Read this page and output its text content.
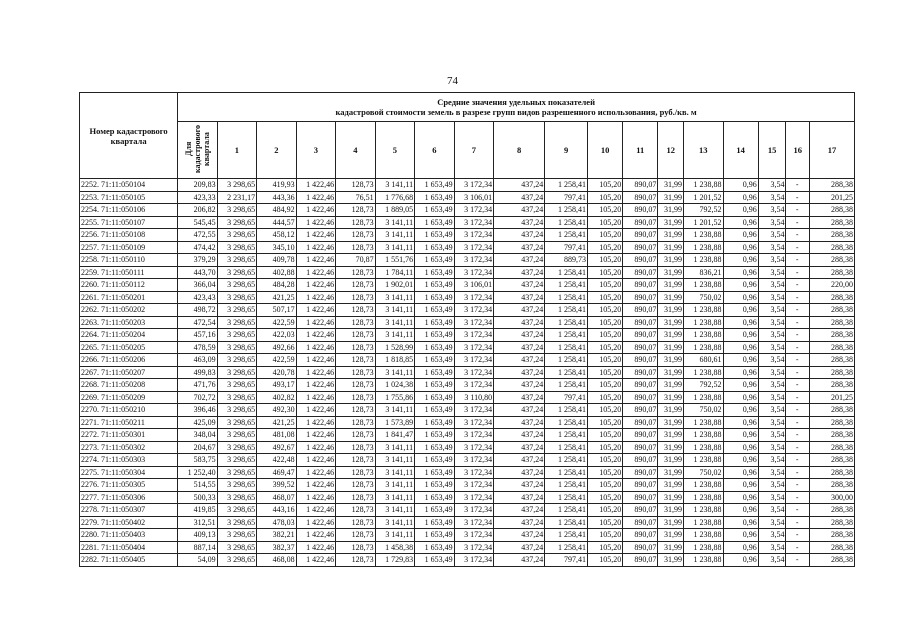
74
Номер кадастрового квартала	Средние значения удельных показателей
кадастровой стоимости земель в разрезе групп видов разрешенного использования, руб./кв. м																	

	Для кадастрового квартала	1	2	3	4	5	6	7	8	9	10	11	12	13	14	15	16	17
2252. 71:11:050104	209,83	3 298,65	419,93	1 422,46	128,73	3 141,11	1 653,49	3 172,34	437,24	1 258,41	105,20	890,07	31,99	1 238,88	0,96	3,54	-	288,38
2253. 71:11:050105	423,33	2 231,17	443,36	1 422,46	76,51	1 776,68	1 653,49	3 106,01	437,24	797,41	105,20	890,07	31,99	1 201,52	0,96	3,54	-	201,25
2254. 71:11:050106	206,82	3 298,65	484,92	1 422,46	128,73	1 889,05	1 653,49	3 172,34	437,24	1 258,41	105,20	890,07	31,99	792,52	0,96	3,54	-	288,38
2255. 71:11:050107	545,45	3 298,65	444,57	1 422,46	128,73	3 141,11	1 653,49	3 172,34	437,24	1 258,41	105,20	890,07	31,99	1 201,52	0,96	3,54	-	288,38
2256. 71:11:050108	472,55	3 298,65	458,12	1 422,46	128,73	3 141,11	1 653,49	3 172,34	437,24	1 258,41	105,20	890,07	31,99	1 238,88	0,96	3,54	-	288,38
2257. 71:11:050109	474,42	3 298,65	345,10	1 422,46	128,73	3 141,11	1 653,49	3 172,34	437,24	797,41	105,20	890,07	31,99	1 238,88	0,96	3,54	-	288,38
2258. 71:11:050110	379,29	3 298,65	409,78	1 422,46	70,87	1 551,76	1 653,49	3 172,34	437,24	889,73	105,20	890,07	31,99	1 238,88	0,96	3,54	-	288,38
2259. 71:11:050111	443,70	3 298,65	402,88	1 422,46	128,73	1 784,11	1 653,49	3 172,34	437,24	1 258,41	105,20	890,07	31,99	836,21	0,96	3,54	-	288,38
2260. 71:11:050112	366,04	3 298,65	484,28	1 422,46	128,73	1 902,01	1 653,49	3 106,01	437,24	1 258,41	105,20	890,07	31,99	1 238,88	0,96	3,54	-	220,00
2261. 71:11:050201	423,43	3 298,65	421,25	1 422,46	128,73	3 141,11	1 653,49	3 172,34	437,24	1 258,41	105,20	890,07	31,99	750,02	0,96	3,54	-	288,38
2262. 71:11:050202	498,72	3 298,65	507,17	1 422,46	128,73	3 141,11	1 653,49	3 172,34	437,24	1 258,41	105,20	890,07	31,99	1 238,88	0,96	3,54	-	288,38
2263. 71:11:050203	472,54	3 298,65	422,59	1 422,46	128,73	3 141,11	1 653,49	3 172,34	437,24	1 258,41	105,20	890,07	31,99	1 238,88	0,96	3,54	-	288,38
2264. 71:11:050204	457,16	3 298,65	422,03	1 422,46	128,73	3 141,11	1 653,49	3 172,34	437,24	1 258,41	105,20	890,07	31,99	1 238,88	0,96	3,54	-	288,38
2265. 71:11:050205	478,59	3 298,65	492,66	1 422,46	128,73	1 528,99	1 653,49	3 172,34	437,24	1 258,41	105,20	890,07	31,99	1 238,88	0,96	3,54	-	288,38
2266. 71:11:050206	463,09	3 298,65	422,59	1 422,46	128,73	1 818,85	1 653,49	3 172,34	437,24	1 258,41	105,20	890,07	31,99	680,61	0,96	3,54	-	288,38
2267. 71:11:050207	499,83	3 298,65	420,78	1 422,46	128,73	3 141,11	1 653,49	3 172,34	437,24	1 258,41	105,20	890,07	31,99	1 238,88	0,96	3,54	-	288,38
2268. 71:11:050208	471,76	3 298,65	493,17	1 422,46	128,73	1 024,38	1 653,49	3 172,34	437,24	1 258,41	105,20	890,07	31,99	792,52	0,96	3,54	-	288,38
2269. 71:11:050209	702,72	3 298,65	402,82	1 422,46	128,73	1 755,86	1 653,49	3 110,80	437,24	797,41	105,20	890,07	31,99	1 238,88	0,96	3,54	-	201,25
2270. 71:11:050210	396,46	3 298,65	492,30	1 422,46	128,73	3 141,11	1 653,49	3 172,34	437,24	1 258,41	105,20	890,07	31,99	750,02	0,96	3,54	-	288,38
2271. 71:11:050211	425,09	3 298,65	421,25	1 422,46	128,73	1 573,89	1 653,49	3 172,34	437,24	1 258,41	105,20	890,07	31,99	1 238,88	0,96	3,54	-	288,38
2272. 71:11:050301	348,04	3 298,65	481,08	1 422,46	128,73	1 841,47	1 653,49	3 172,34	437,24	1 258,41	105,20	890,07	31,99	1 238,88	0,96	3,54	-	288,38
2273. 71:11:050302	204,67	3 298,65	492,67	1 422,46	128,73	3 141,11	1 653,49	3 172,34	437,24	1 258,41	105,20	890,07	31,99	1 238,88	0,96	3,54	-	288,38
2274. 71:11:050303	583,75	3 298,65	422,48	1 422,46	128,73	3 141,11	1 653,49	3 172,34	437,24	1 258,41	105,20	890,07	31,99	1 238,88	0,96	3,54	-	288,38
2275. 71:11:050304	1 252,40	3 298,65	469,47	1 422,46	128,73	3 141,11	1 653,49	3 172,34	437,24	1 258,41	105,20	890,07	31,99	750,02	0,96	3,54	-	288,38
2276. 71:11:050305	514,55	3 298,65	399,52	1 422,46	128,73	3 141,11	1 653,49	3 172,34	437,24	1 258,41	105,20	890,07	31,99	1 238,88	0,96	3,54	-	288,38
2277. 71:11:050306	500,33	3 298,65	468,07	1 422,46	128,73	3 141,11	1 653,49	3 172,34	437,24	1 258,41	105,20	890,07	31,99	1 238,88	0,96	3,54	-	300,00
2278. 71:11:050307	419,85	3 298,65	443,16	1 422,46	128,73	3 141,11	1 653,49	3 172,34	437,24	1 258,41	105,20	890,07	31,99	1 238,88	0,96	3,54	-	288,38
2279. 71:11:050402	312,51	3 298,65	478,03	1 422,46	128,73	3 141,11	1 653,49	3 172,34	437,24	1 258,41	105,20	890,07	31,99	1 238,88	0,96	3,54	-	288,38
2280. 71:11:050403	409,13	3 298,65	382,21	1 422,46	128,73	3 141,11	1 653,49	3 172,34	437,24	1 258,41	105,20	890,07	31,99	1 238,88	0,96	3,54	-	288,38
2281. 71:11:050404	887,14	3 298,65	382,37	1 422,46	128,73	1 458,38	1 653,49	3 172,34	437,24	1 258,41	105,20	890,07	31,99	1 238,88	0,96	3,54	-	288,38
2282. 71:11:050405	54,09	3 298,65	468,08	1 422,46	128,73	1 729,83	1 653,49	3 172,34	437,24	797,41	105,20	890,07	31,99	1 238,88	0,96	3,54	-	288,38
